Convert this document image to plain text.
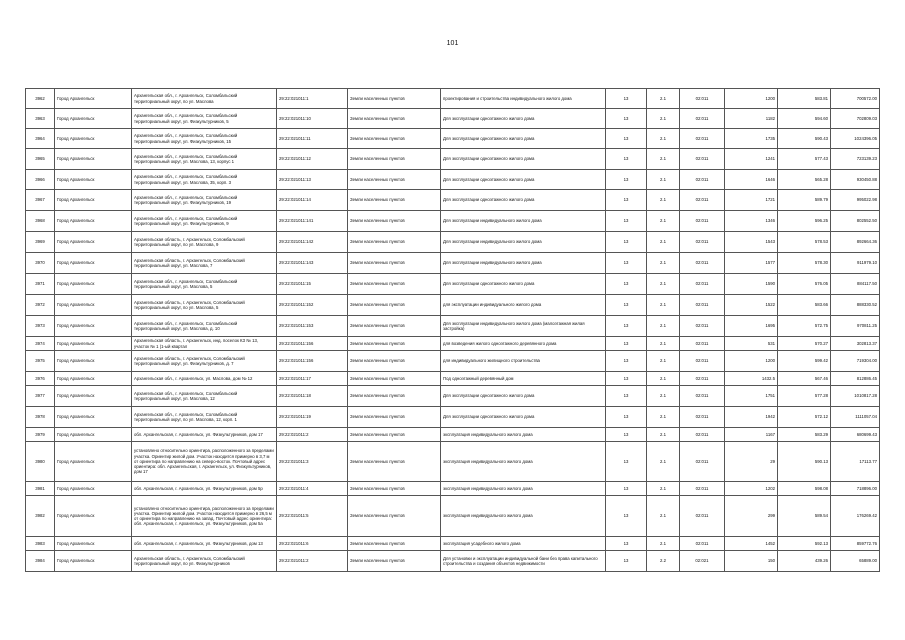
101
3962	Город Архангельск	Архангельская обл., г. Архангельск, Соломбальский территориальный округ, по ул. Маслова	29:22:021011:1	Земли населенных пунктов	проектирования и строительства индивидуального жилого дома	13	2.1	02:011	1200	583.81	700572.00
3963	Город Архангельск	Архангельская обл., г. Архангельск, Соломбальский территориальный округ, ул. Физкультурников, 5	29:22:021011:10	Земли населенных пунктов	Для эксплуатации одноэтажного жилого дома	13	2.1	02:011	1182	594.60	702809.03
3964	Город Архангельск	Архангельская обл., г. Архангельск, Соломбальский территориальный округ, ул. Физкультурников, 15	29:22:021011:11	Земли населенных пунктов	Для эксплуатации одноэтажного жилого дома	13	2.1	02:011	1735	590.43	1024396.05
3965	Город Архангельск	Архангельская обл., г. Архангельск, Соломбальский территориальный округ, ул. Маслова, 13, корпус 1	29:22:021011:12	Земли населенных пунктов	Для эксплуатации одноэтажного жилого дома	13	2.1	02:011	1241	577.43	723139.23
3966	Город Архангельск	Архангельская обл., г. Архангельск, Соломбальский территориальный округ, ул. Маслова, 35, корп. 3	29:22:021011:13	Земли населенных пунктов	Для эксплуатации одноэтажного жилого дома	13	2.1	02:011	1646	565.28	930450.88
3967	Город Архангельск	Архангельская обл., г. Архангельск, Соломбальский территориальный округ, ул. Физкультурников, 19	29:22:021011:14	Земли населенных пунктов	Для эксплуатации одноэтажного жилого дома	13	2.1	02:011	1721	589.79	995022.98
3968	Город Архангельск	Архангельская обл., г. Архангельск, Соломбальский территориальный округ, ул. Физкультурников, 9	29:22:021011:141	Земли населенных пунктов	Для эксплуатации индивидуального жилого дома	13	2.1	02:011	1346	596.25	802552.50
3969	Город Архангельск	Архангельская область, г. Архангельск, Соломбальский территориальный округ, по ул. Маслова, 9	29:22:021011:142	Земли населенных пунктов	Для эксплуатации индивидуального жилого дома	13	2.1	02:011	1543	578.53	892664.36
3970	Город Архангельск	Архангельская область, г. Архангельск, Соломбальский территориальный округ, ул. Маслова, 7	29:22:021011:143	Земли населенных пунктов	Для эксплуатации индивидуального жилого дома	13	2.1	02:011	1577	578.30	911979.10
3971	Город Архангельск	Архангельская обл., г. Архангельск, Соломбальский территориальный округ, ул. Маслова, 5	29:22:021011:15	Земли населенных пунктов	Для эксплуатации одноэтажного жилого дома	13	2.1	02:011	1590	576.05	884117.50
3972	Город Архангельск	Архангельская область, г. Архангельск, Соломбальский территориальный округ, по ул. Маслова, 5	29:22:021011:152	Земли населенных пунктов	для эксплуатации индивидуального жилого дома	13	2.1	02:011	1522	583.66	888330.52
3973	Город Архангельск	Архангельская обл., г. Архангельск, Соломбальский территориальный округ, ул. Маслова, д. 10	29:22:021011:153	Земли населенных пунктов	Для эксплуатации индивидуального жилого дома (малоэтажная жилая застройка)	13	2.1	02:011	1695	572.75	970811.25
3974	Город Архангельск	Архангельская область, г. Архангельск, инд. поселок КЗ № 13, участок № 1 (1-ый квартал	29:22:021011:156	Земли населенных пунктов	для возведения жилого одноэтажного деревянного дома	13	2.1	02:011	531	570.27	302813.37
3975	Город Архангельск	Архангельская область, г. Архангельск, Соломбальский территориальный округ, ул. Физкультурников, д. 7	29:22:021011:156	Земли населенных пунктов	для индивидуального жилищного строительства	13	2.1	02:011	1200	599.42	719304.00
3976	Город Архангельск	Архангельская обл., г. Архангельск, ул. Маслова, дом № 12	29:22:021011:17	Земли населенных пунктов	Под одноэтажный деревянный дом	13	2.1	02:011	1432.5	567.46	812886.45
3977	Город Архангельск	Архангельская обл., г. Архангельск, Соломбальский территориальный округ, ул. Маслова, 12	29:22:021011:18	Земли населенных пунктов	Для эксплуатации одноэтажного жилого дома	13	2.1	02:011	1751	577.28	1010817.28
3978	Город Архангельск	Архангельская обл., г. Архангельск, Соломбальский территориальный округ, по ул. Маслова, 12, корп. 1	29:22:021011:19	Земли населенных пунктов	Для эксплуатации одноэтажного жилого дома	13	2.1	02:011	1942	572.12	1111057.04
3979	Город Архангельск	обл. Архангельская, г. Архангельск, ул. Физкультурников, дом 17	29:22:021011:2	Земли населенных пунктов	эксплуатация индивидуального жилого дома	13	2.1	02:011	1167	583.29	680699.43
3980	Город Архангельск	установлено относительно ориентира, расположенного за пределами участка. Ориентир жилой дом. Участок находится примерно в 3,7 м от ориентира по направлению на северо-восток. Почтовый адрес ориентира: обл. Архангельская, г. Архангельск, ул. Физкультурников, дом 17	29:22:021011:3	Земли населенных пунктов	эксплуатация индивидуального жилого дома	13	2.1	02:011	29	590.13	17113.77
3981	Город Архангельск	обл. Архангельская, г. Архангельск, ул. Физкультурников, дом 5р	29:22:021011:4	Земли населенных пунктов	эксплуатация индивидуального жилого дома	13	2.1	02:011	1202	598.08	718896.00
3982	Город Архангельск	установлено относительно ориентира, расположенного за пределами участка. Ориентир жилой дом. Участок находится примерно в 26,5 м от ориентира по направлению на запад. Почтовый адрес ориентира: обл. Архангельская, г. Архангельск, ул. Физкультурников, дом 5а	29:22:021011:5	Земли населенных пунктов	эксплуатация индивидуального жилого дома	13	2.1	02:011	299	589.54	176269.42
3983	Город Архангельск	обл. Архангельская, г. Архангельск, ул. Физкультурников, дом 13	29:22:021011:6	Земли населенных пунктов	эксплуатация усадебного жилого дома	13	2.1	02:011	1452	592.13	859772.76
3984	Город Архангельск	Архангельская область, г. Архангельск, Соломбальский территориальный округ, по ул. Физкультурников	29:22:021011:2	Земли населенных пунктов	Для установки и эксплуатации индивидуальной бани без права капитального строительства и создания объектов недвижимости	13	2.2	02:021	150	439.26	65889.00
